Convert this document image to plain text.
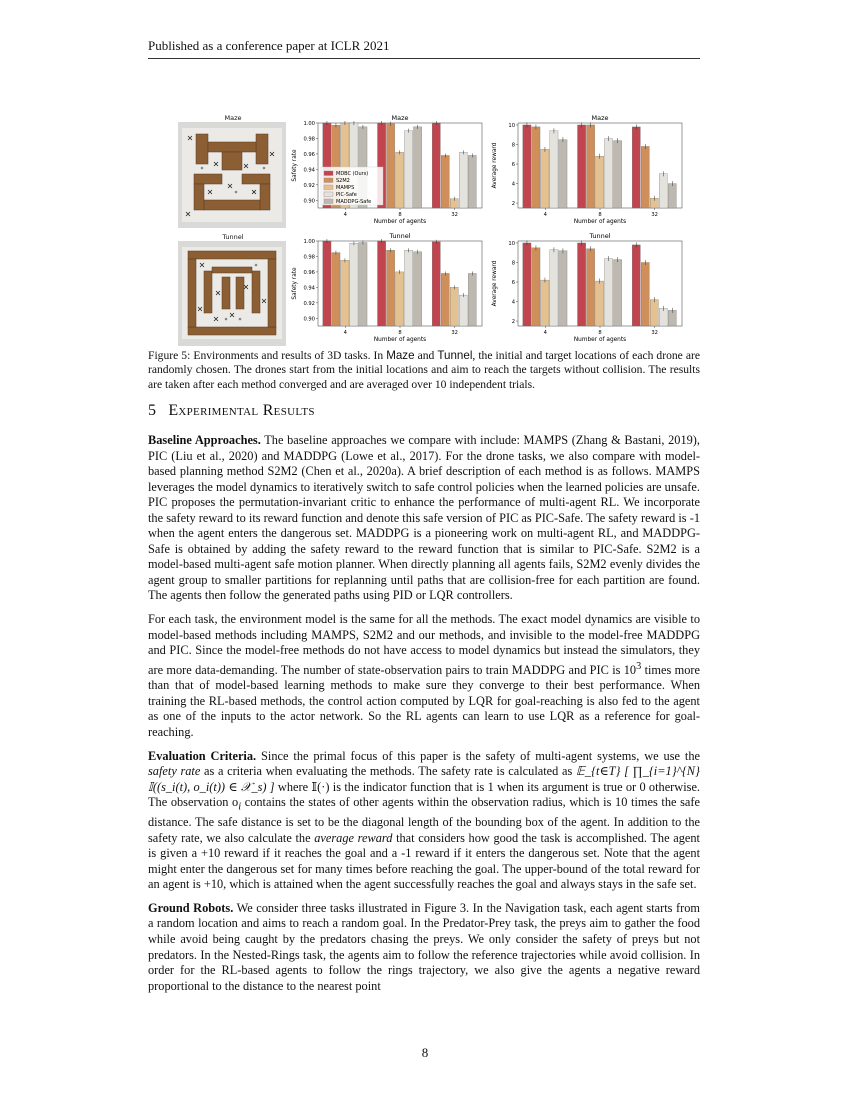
Published as a conference paper at ICLR 2021
Maze
Tunnel
Maze
0.90
0.92
0.94
0.96
0.98
1.00
Safety rate
Number of agents
4	8	32
MDBC (Ours)
S2M2
MAMPS
PIC-Safe
MADDPG-Safe
Maze
2
4
6
8
10
Average reward
Number of agents
4	8	32
Tunnel
0.90
0.92
0.94
0.96
0.98
1.00
Safety rate
Number of agents
4	8	32
Tunnel
2
4
6
8
10
Average reward
Number of agents
4	8	32
Figure 5: Environments and results of 3D tasks. In Maze and Tunnel, the initial and target locations of each drone are randomly chosen. The drones start from the initial locations and aim to reach the targets without collision. The results are taken after each method converged and are averaged over 10 independent trials.
5 Experimental Results

Baseline Approaches. The baseline approaches we compare with include: MAMPS (Zhang & Bastani, 2019), PIC (Liu et al., 2020) and MADDPG (Lowe et al., 2017). For the drone tasks, we also compare with model-based planning method S2M2 (Chen et al., 2020a). A brief description of each method is as follows. MAMPS leverages the model dynamics to iteratively switch to safe control policies when the learned policies are unsafe. PIC proposes the permutation-invariant critic to enhance the performance of multi-agent RL. We incorporate the safety reward to its reward function and denote this safe version of PIC as PIC-Safe. The safety reward is -1 when the agent enters the dangerous set. MADDPG is a pioneering work on multi-agent RL, and MADDPG-Safe is obtained by adding the safety reward to the reward function that is similar to PIC-Safe. S2M2 is a model-based multi-agent safe motion planner. When directly planning all agents fails, S2M2 evenly divides the agent group to smaller partitions for replanning until paths that are collision-free for each partition are found. The agents then follow the generated paths using PID or LQR controllers.

For each task, the environment model is the same for all the methods. The exact model dynamics are visible to model-based methods including MAMPS, S2M2 and our methods, and invisible to the model-free MADDPG and PIC. Since the model-free methods do not have access to model dynamics but instead the simulators, they are more data-demanding. The number of state-observation pairs to train MADDPG and PIC is $10^3$ times more than that of model-based learning methods to make sure they converge to their best performance. When training the RL-based methods, the control action computed by LQR for goal-reaching is also fed to the agent as one of the inputs to the actor network. So the RL agents can learn to use LQR as a reference for goal-reaching.

Evaluation Criteria. Since the primal focus of this paper is the safety of multi-agent systems, we use the safety rate as a criteria when evaluating the methods. The safety rate is calculated as 𝔼_{t∈T} [ ∏_{i=1}^{N} 𝕀((s_i(t), o_i(t)) ∈ 𝒳_s) ] where 𝕀(·) is the indicator function that is 1 when its argument is true or 0 otherwise. The observation $o_i$ contains the states of other agents within the observation radius, which is 10 times the safe distance. The safe distance is set to be the diagonal length of the bounding box of the agent. In addition to the safety rate, we also calculate the average reward that considers how good the task is accomplished. The agent is given a +10 reward if it reaches the goal and a -1 reward if it enters the dangerous set. Note that the agent might enter the dangerous set for many times before reaching the goal. The upper-bound of the total reward for an agent is +10, which is attained when the agent successfully reaches the goal and always stays in the safe set.

Ground Robots. We consider three tasks illustrated in Figure 3. In the Navigation task, each agent starts from a random location and aims to reach a random goal. In the Predator-Prey task, the preys aim to gather the food while avoid being caught by the predators chasing the preys. We only consider the safety of preys but not predators. In the Nested-Rings task, the agents aim to follow the reference trajectories while avoid collision. In order for the RL-based agents to follow the rings trajectory, we also give the agents a negative reward proportional to the distance to the nearest point

8
